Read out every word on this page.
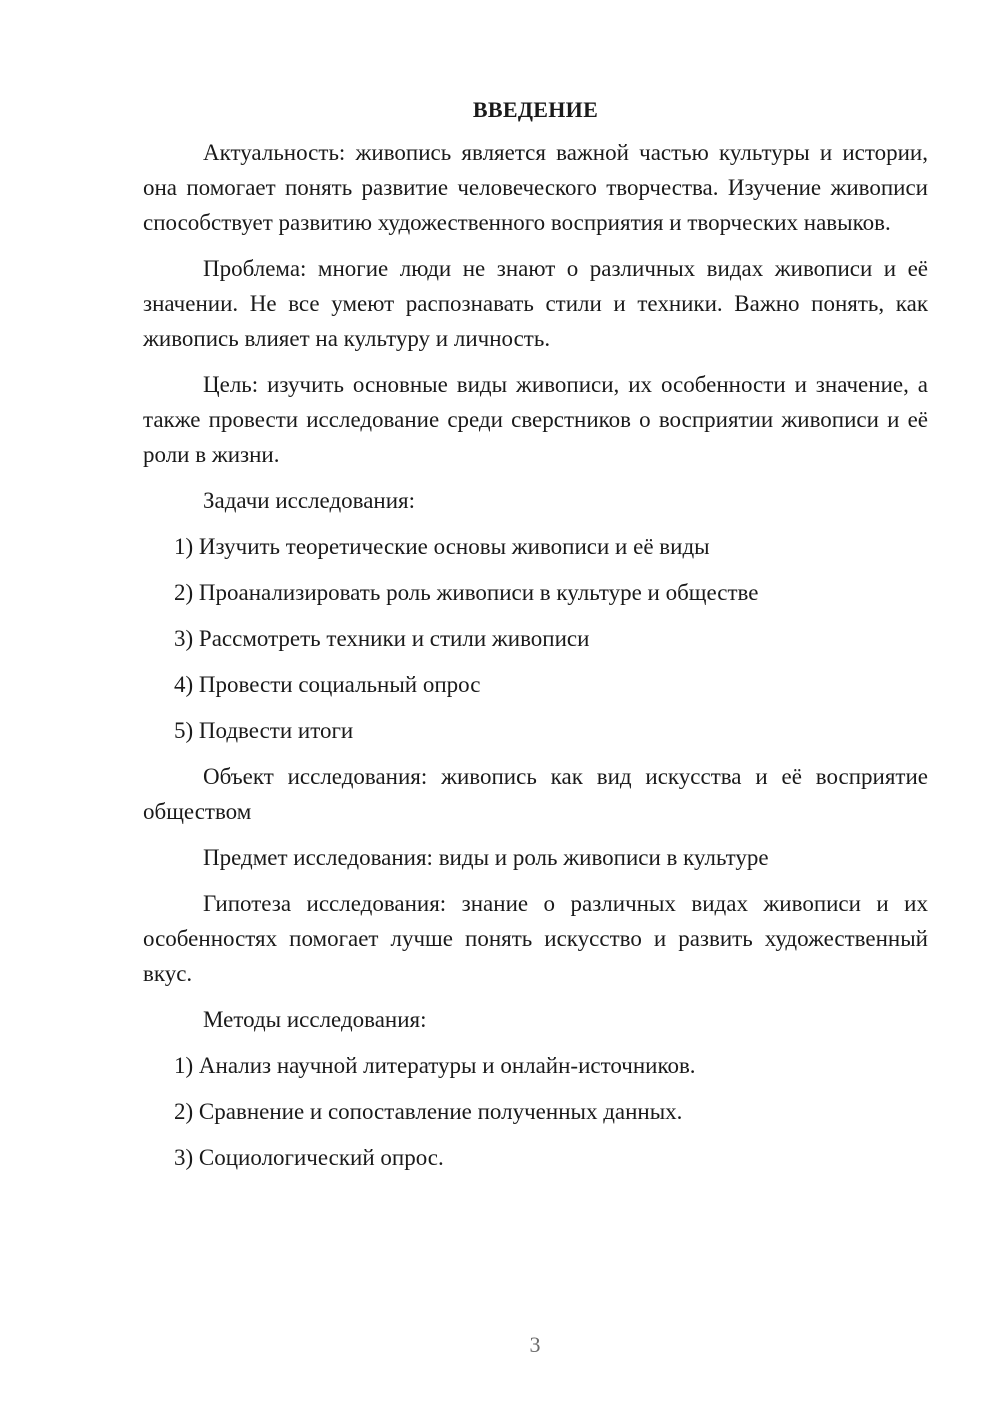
ВВЕДЕНИЕ

Актуальность: живопись является важной частью культуры и истории, она помогает понять развитие человеческого творчества. Изучение живописи способствует развитию художественного восприятия и творческих навыков.

Проблема: многие люди не знают о различных видах живописи и её значении. Не все умеют распознавать стили и техники. Важно понять, как живопись влияет на культуру и личность.

Цель: изучить основные виды живописи, их особенности и значение, а также провести исследование среди сверстников о восприятии живописи и её роли в жизни.

Задачи исследования:

1) Изучить теоретические основы живописи и её виды

2) Проанализировать роль живописи в культуре и обществе

3) Рассмотреть техники и стили живописи

4) Провести социальный опрос

5) Подвести итоги

Объект исследования: живопись как вид искусства и её восприятие обществом

Предмет исследования: виды и роль живописи в культуре

Гипотеза исследования: знание о различных видах живописи и их особенностях помогает лучше понять искусство и развить художественный вкус.

Методы исследования:

1) Анализ научной литературы и онлайн-источников.

2) Сравнение и сопоставление полученных данных.

3) Социологический опрос.

3
